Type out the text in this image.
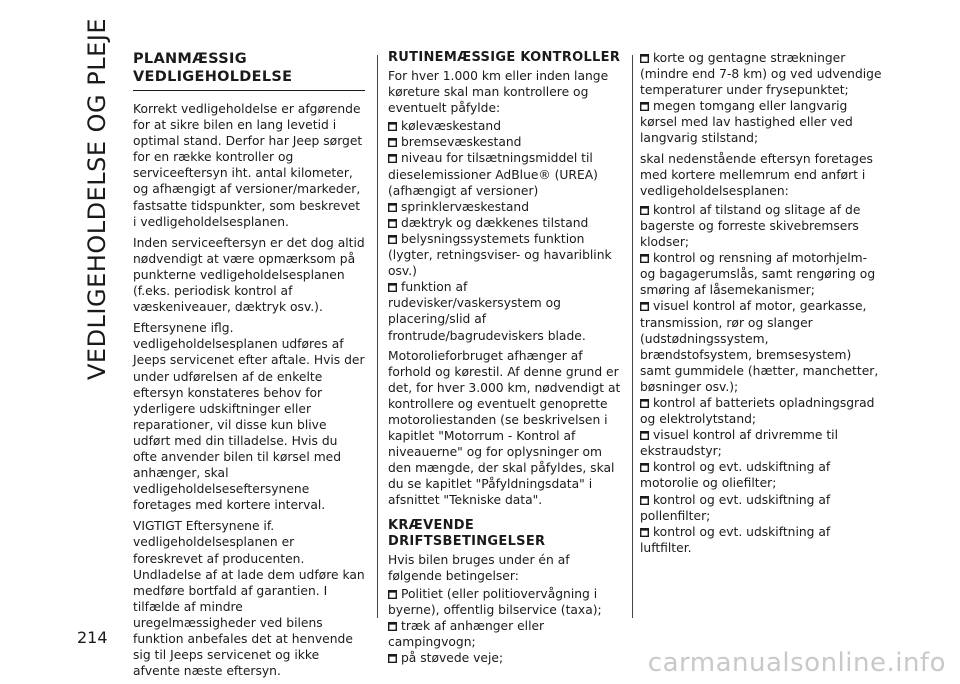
VEDLIGEHOLDELSE OG PLEJE PLANMÆSSIG
VEDLIGEHOLDELSE

Korrekt vedligeholdelse er afgørende for at sikre bilen en lang levetid i optimal stand. Derfor har Jeep sørget for en række kontroller og serviceeftersyn iht. antal kilometer, og afhængigt af versioner/markeder, fastsatte tidspunkter, som beskrevet i vedligeholdelsesplanen.

Inden serviceeftersyn er det dog altid nødvendigt at være opmærksom på punkterne vedligeholdelsesplanen (f.eks. periodisk kontrol af væskeniveauer, dæktryk osv.).

Eftersynene iflg. vedligeholdelsesplanen udføres af Jeeps servicenet efter aftale. Hvis der under udførelsen af de enkelte eftersyn konstateres behov for yderligere udskiftninger eller reparationer, vil disse kun blive udført med din tilladelse. Hvis du ofte anvender bilen til kørsel med anhænger, skal vedligeholdelseseftersynene foretages med kortere interval.

VIGTIGT Eftersynene if. vedligeholdelsesplanen er foreskrevet af producenten. Undladelse af at lade dem udføre kan medføre bortfald af garantien. I tilfælde af mindre uregelmæssigheder ved bilens funktion anbefales det at henvende sig til Jeeps servicenet og ikke afvente næste eftersyn.

RUTINEMÆSSIGE KONTROLLER

For hver 1.000 km eller inden lange køreture skal man kontrollere og eventuelt påfylde:

kølevæskestand
bremsevæskestand
niveau for tilsætningsmiddel til dieselemissioner AdBlue® (UREA) (afhængigt af versioner)
sprinklervæskestand
dæktryk og dækkenes tilstand
belysningssystemets funktion (lygter, retningsviser- og havariblink osv.)
funktion af rudevisker/vaskersystem og placering/slid af frontrude/bagrudeviskers blade.

Motorolieforbruget afhænger af forhold og kørestil. Af denne grund er det, for hver 3.000 km, nødvendigt at kontrollere og eventuelt genoprette motoroliestanden (se beskrivelsen i kapitlet "Motorrum - Kontrol af niveauerne" og for oplysninger om den mængde, der skal påfyldes, skal du se kapitlet "Påfyldningsdata" i afsnittet "Tekniske data".

KRÆVENDE
DRIFTSBETINGELSER

Hvis bilen bruges under én af følgende betingelser:

Politiet (eller politiovervågning i byerne), offentlig bilservice (taxa);
træk af anhænger eller campingvogn;
på støvede veje;
korte og gentagne strækninger (mindre end 7-8 km) og ved udvendige temperaturer under frysepunktet;
megen tomgang eller langvarig kørsel med lav hastighed eller ved langvarig stilstand;

skal nedenstående eftersyn foretages med kortere mellemrum end anført i vedligeholdelsesplanen:

kontrol af tilstand og slitage af de bagerste og forreste skivebremsers klodser;
kontrol og rensning af motorhjelm- og bagagerumslås, samt rengøring og smøring af låsemekanismer;
visuel kontrol af motor, gearkasse, transmission, rør og slanger (udstødningssystem, brændstofsystem, bremsesystem) samt gummidele (hætter, manchetter, bøsninger osv.);
kontrol af batteriets opladningsgrad og elektrolytstand;
visuel kontrol af drivremme til ekstraudstyr;
kontrol og evt. udskiftning af motorolie og oliefilter;
kontrol og evt. udskiftning af pollenfilter;
kontrol og evt. udskiftning af luftfilter.
214
carmanualsonline.info
